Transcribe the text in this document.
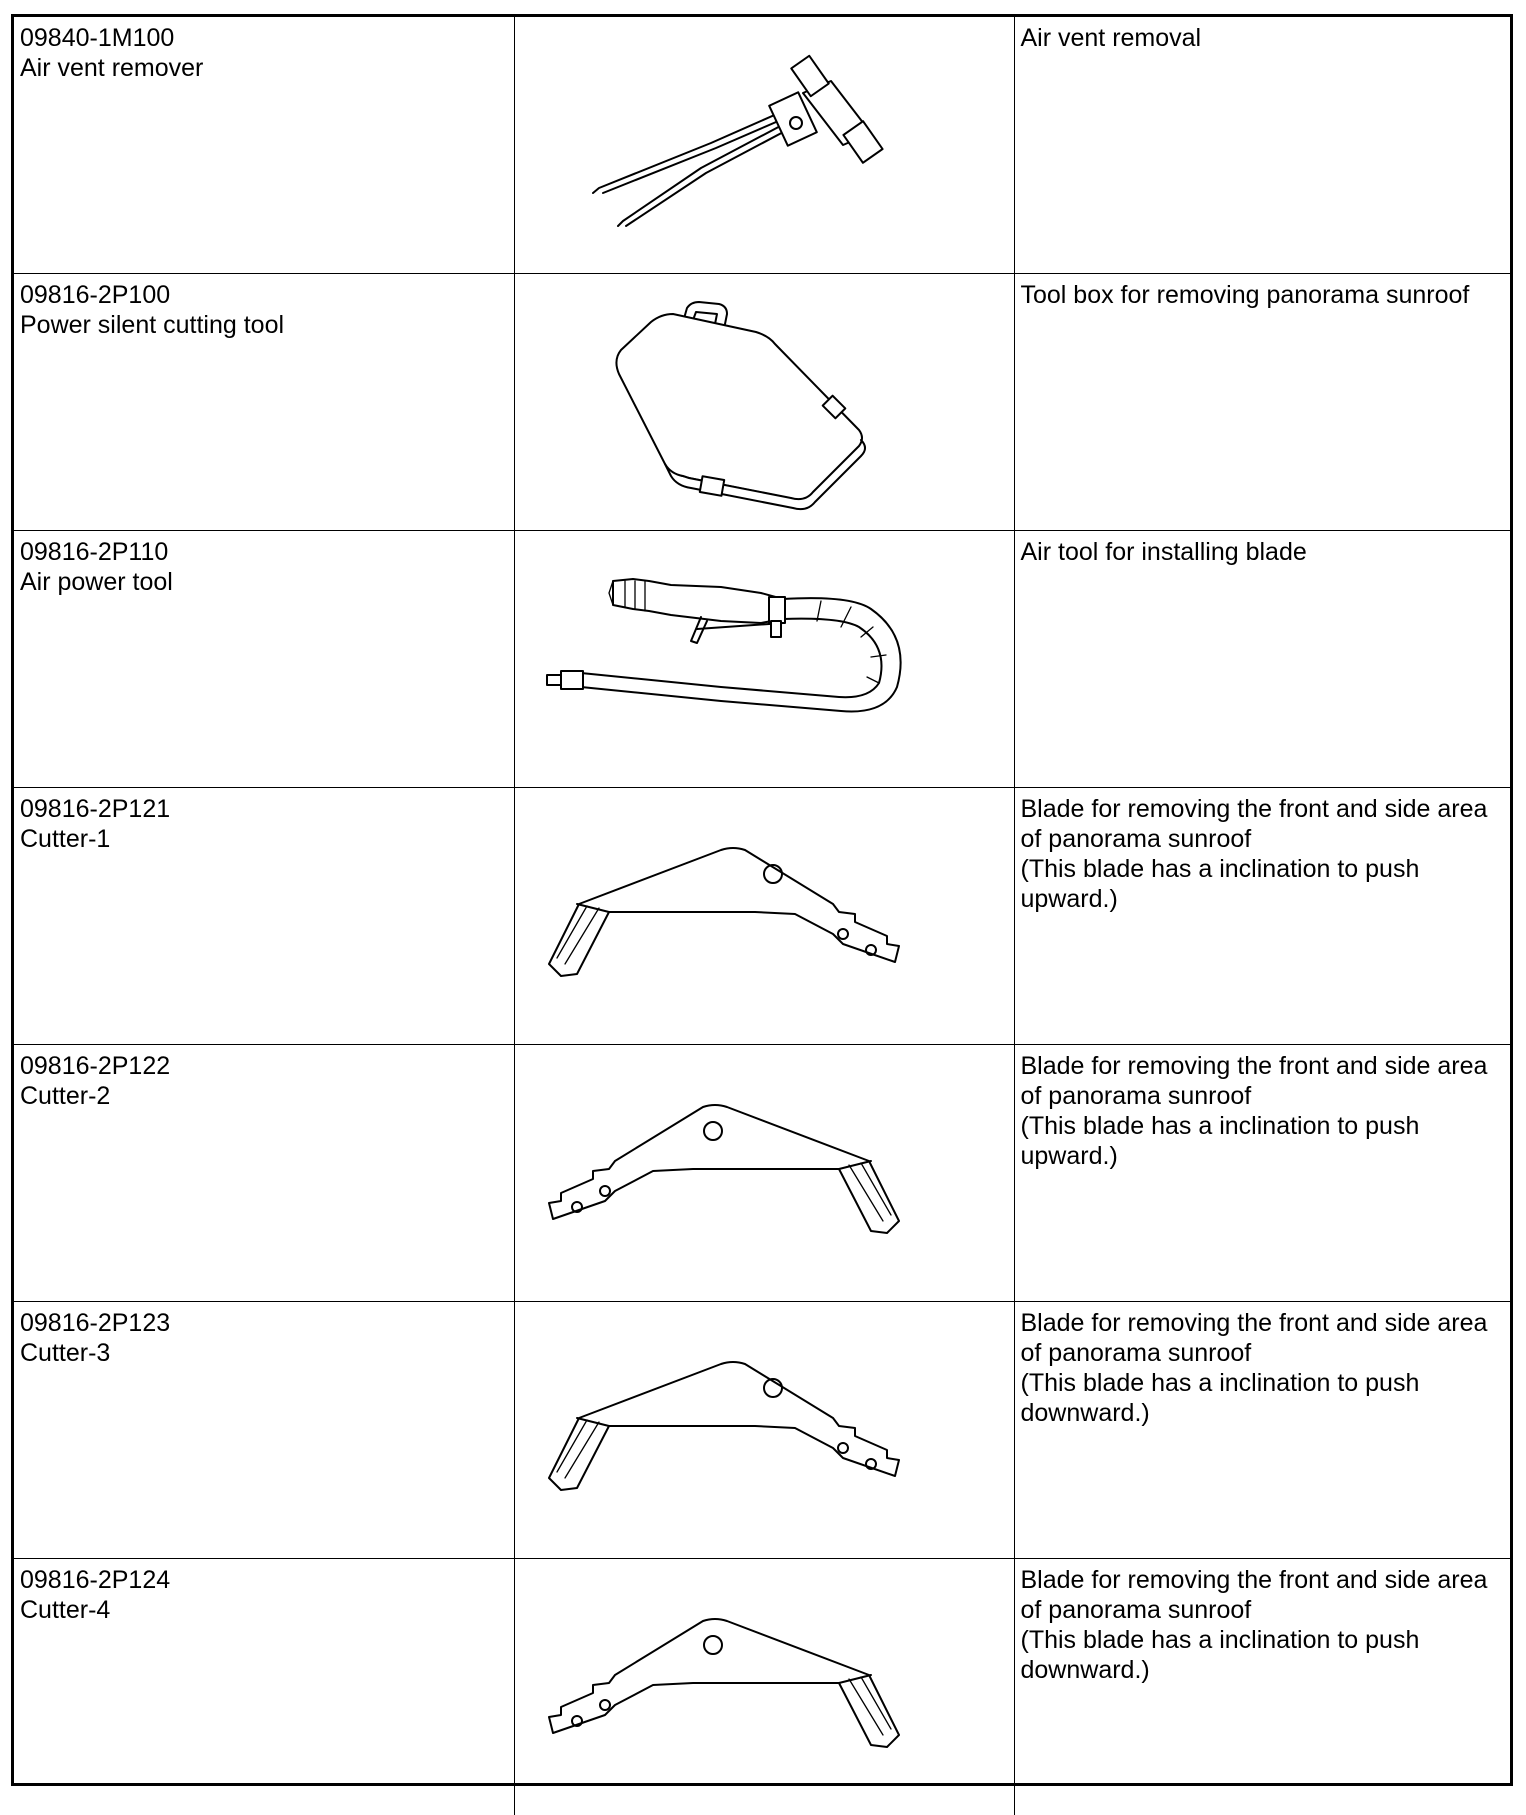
09840-1M100
Air vent remover		Air vent removal

09816-2P100
Power silent cutting tool		Tool box for removing panorama sunroof

09816-2P110
Air power tool		Air tool for installing blade

09816-2P121
Cutter-1		Blade for removing the front and side area
of panorama sunroof
(This blade has a inclination to push
upward.)

09816-2P122
Cutter-2		Blade for removing the front and side area
of panorama sunroof
(This blade has a inclination to push
upward.)

09816-2P123
Cutter-3		Blade for removing the front and side area
of panorama sunroof
(This blade has a inclination to push
downward.)

09816-2P124
Cutter-4		Blade for removing the front and side area
of panorama sunroof
(This blade has a inclination to push
downward.)
